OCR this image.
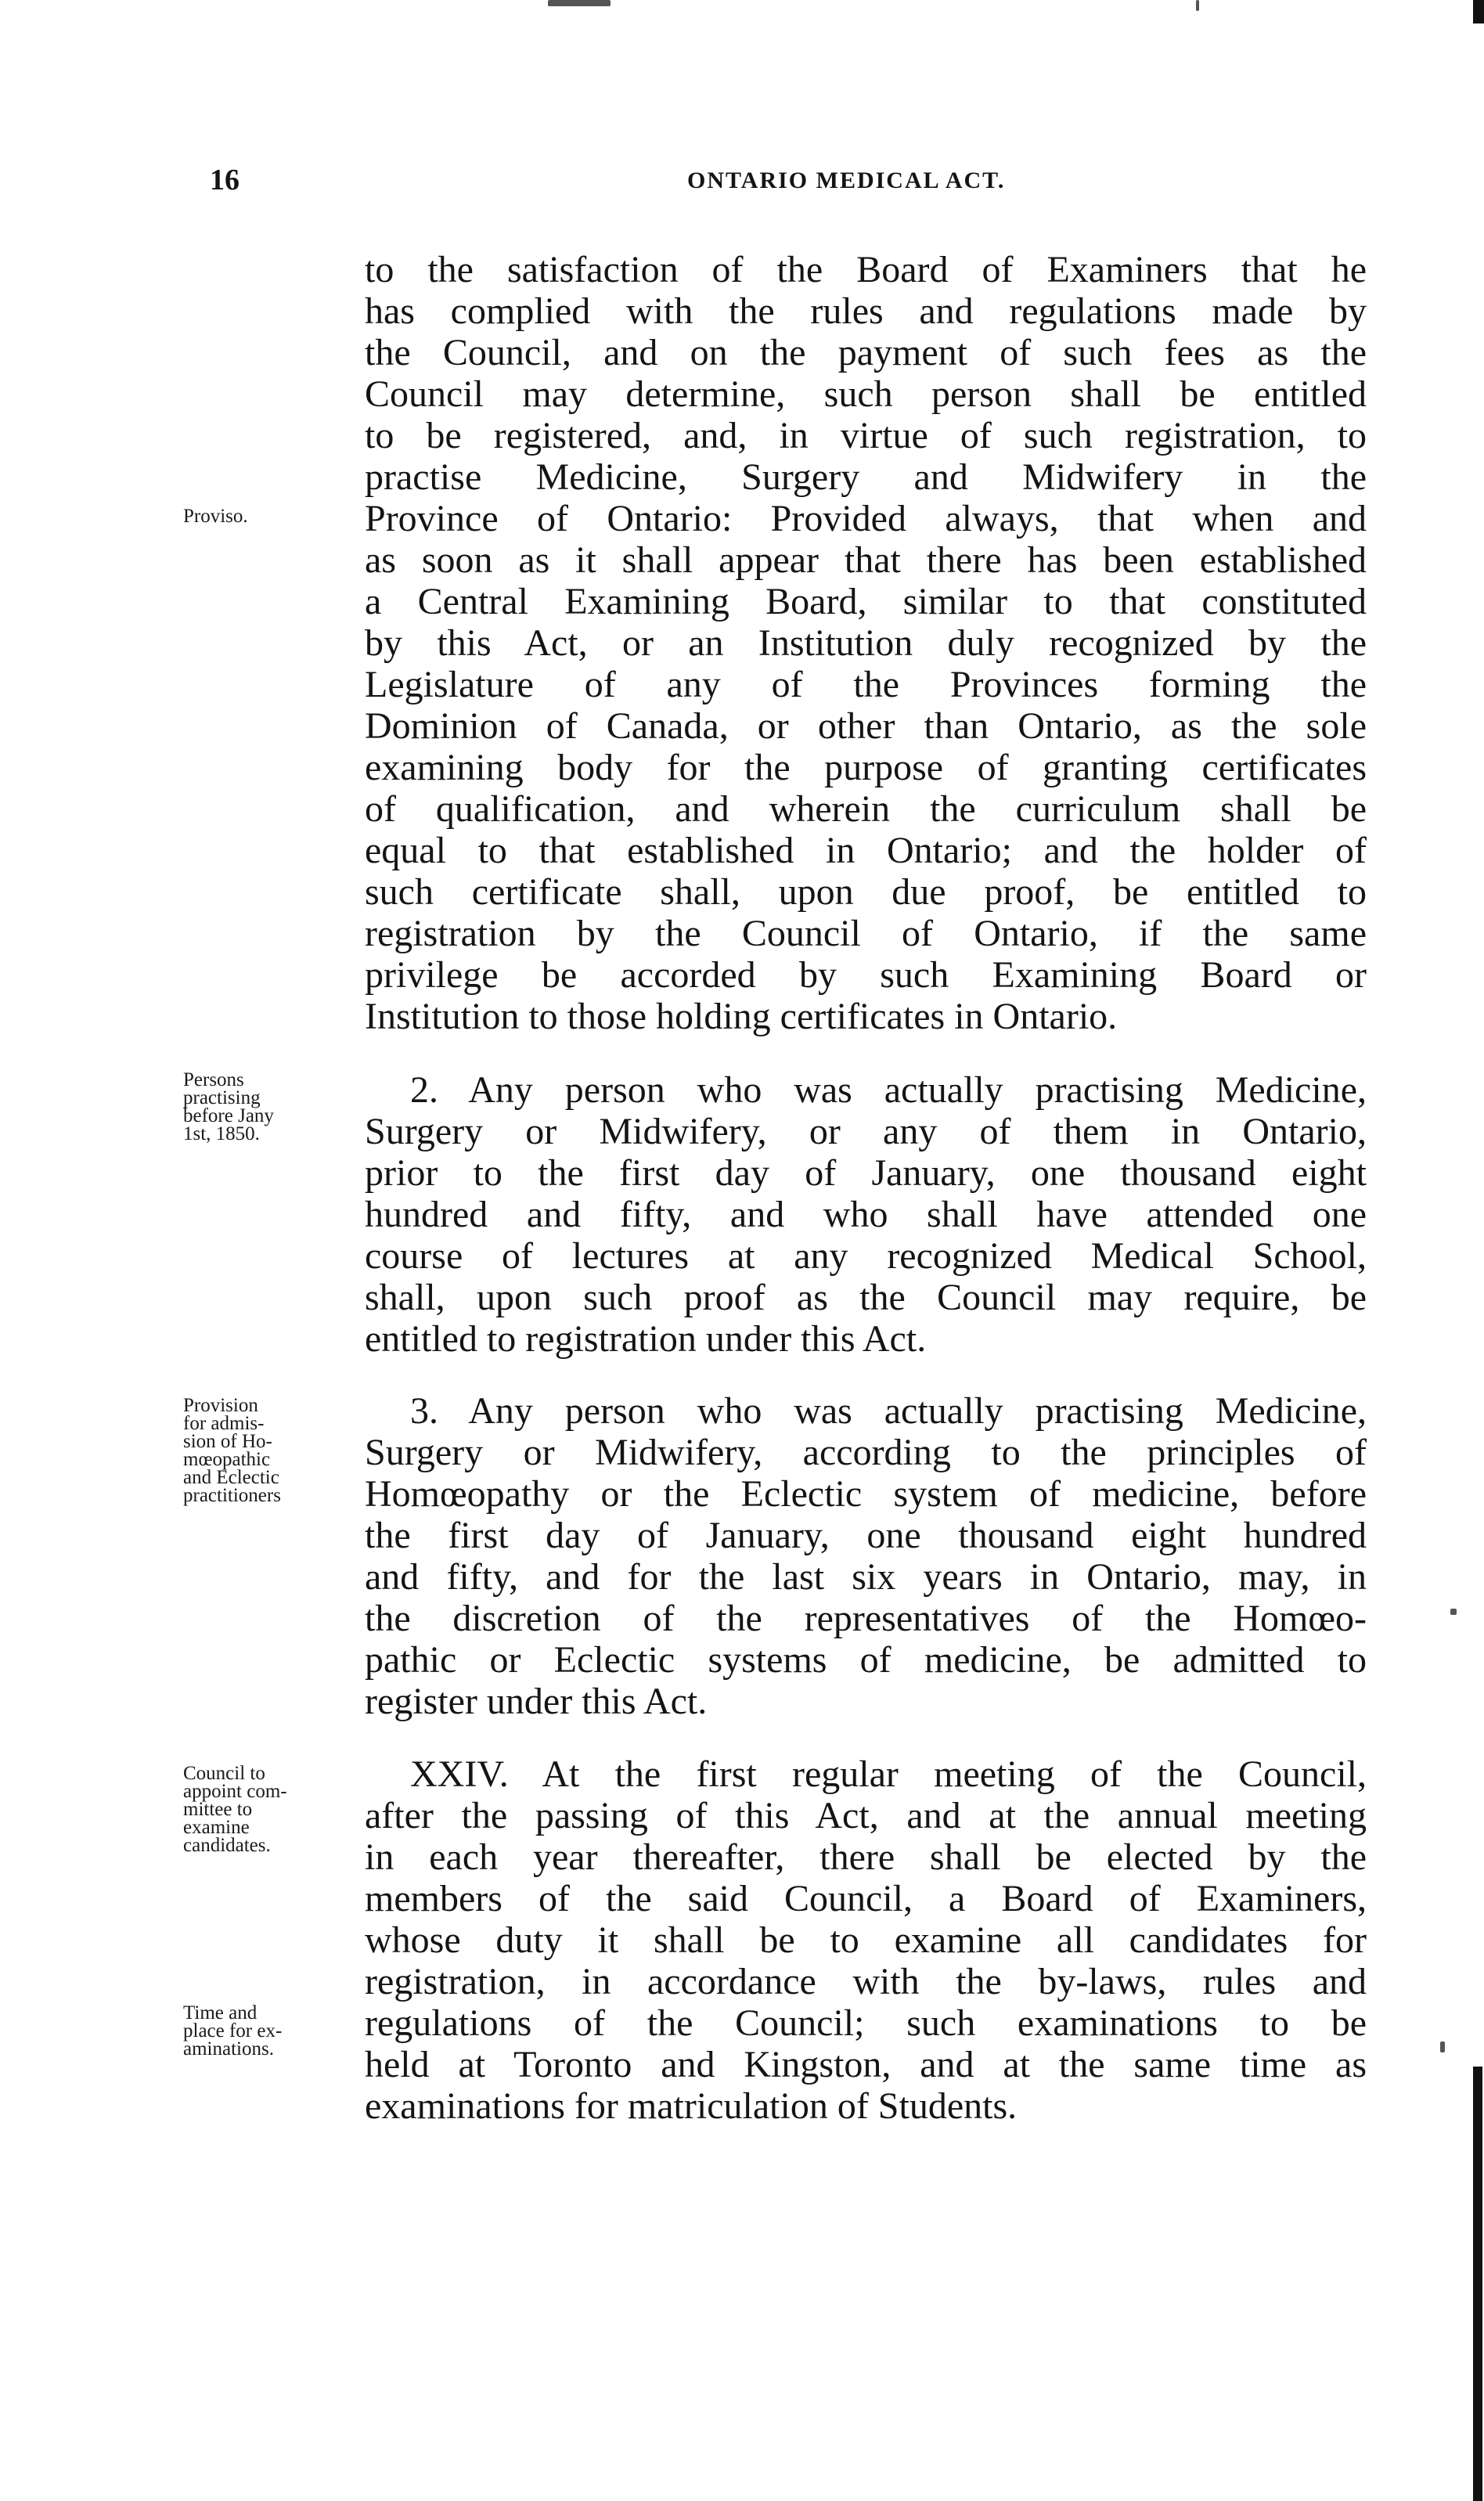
16	ONTARIO MEDICAL ACT.
to the satisfaction of the Board of Examiners that he
has complied with the rules and regulations made by
the Council, and on the payment of such fees as the
Council may determine, such person shall be entitled
to be registered, and, in virtue of such registration, to
practise Medicine, Surgery and Midwifery in the
Province of Ontario: Provided always, that when and
as soon as it shall appear that there has been established
a Central Examining Board, similar to that constituted
by this Act, or an Institution duly recognized by the
Legislature of any of the Provinces forming the
Dominion of Canada, or other than Ontario, as the sole
examining body for the purpose of granting certificates
of qualification, and wherein the curriculum shall be
equal to that established in Ontario; and the holder of
such certificate shall, upon due proof, be entitled to
registration by the Council of Ontario, if the same
privilege be accorded by such Examining Board or
Institution to those holding certificates in Ontario.
2. Any person who was actually practising Medicine,
Surgery or Midwifery, or any of them in Ontario,
prior to the first day of January, one thousand eight
hundred and fifty, and who shall have attended one
course of lectures at any recognized Medical School,
shall, upon such proof as the Council may require, be
entitled to registration under this Act.
3. Any person who was actually practising Medicine,
Surgery or Midwifery, according to the principles of
Homœopathy or the Eclectic system of medicine, before
the first day of January, one thousand eight hundred
and fifty, and for the last six years in Ontario, may, in
the discretion of the representatives of the Homœo-
pathic or Eclectic systems of medicine, be admitted to
register under this Act.
XXIV. At the first regular meeting of the Council,
after the passing of this Act, and at the annual meeting
in each year thereafter, there shall be elected by the
members of the said Council, a Board of Examiners,
whose duty it shall be to examine all candidates for
registration, in accordance with the by-laws, rules and
regulations of the Council; such examinations to be
held at Toronto and Kingston, and at the same time as
examinations for matriculation of Students.
Proviso.
Persons
practising
before Jany
1st, 1850.
Provision
for admis-
sion of Ho-
mœopathic
and Eclectic
practitioners
Council to
appoint com-
mittee to
examine
candidates.
Time and
place for ex-
aminations.
